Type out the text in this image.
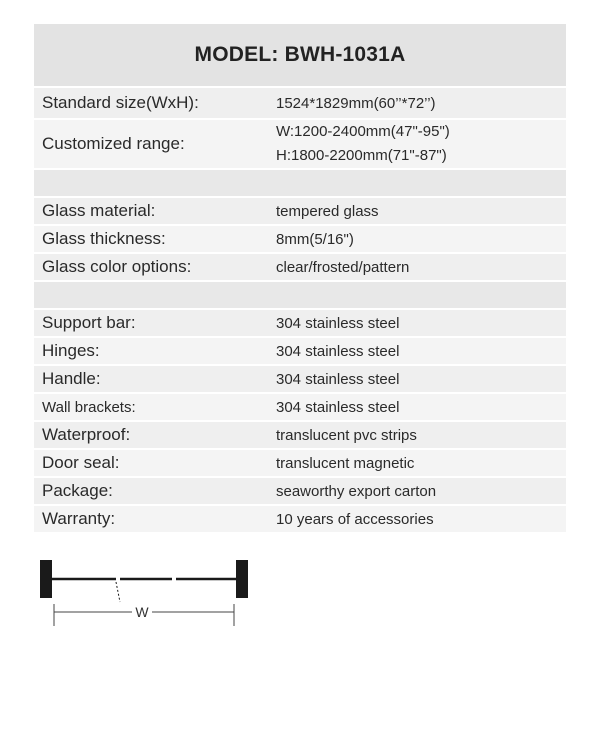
MODEL: BWH-1031A
Standard size(WxH):	1524*1829mm(60’’*72’’)
Customized range:
W:1200-2400mm(47"-95")
H:1800-2200mm(71"-87")
Glass material:	tempered glass
Glass thickness:	8mm(5/16")
Glass color options:	clear/frosted/pattern
Support bar:	304 stainless steel
Hinges:	304 stainless steel
Handle:	304 stainless steel
Wall brackets:	304 stainless steel
Waterproof:	translucent pvc strips
Door seal:	translucent magnetic
Package:	seaworthy export carton
Warranty:	10 years of accessories
W
